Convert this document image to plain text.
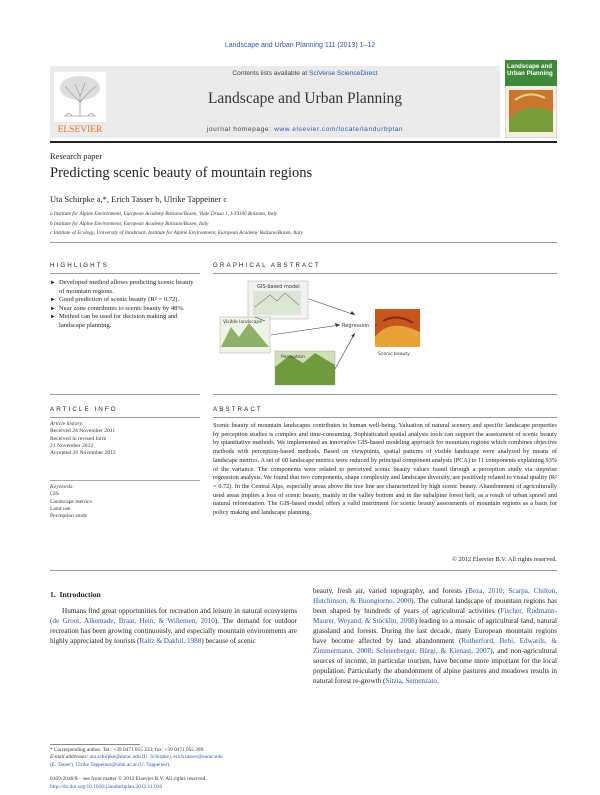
Landscape and Urban Planning 111 (2013) 1–12
ELSEVIER
Contents lists available at SciVerse ScienceDirect
Landscape and Urban Planning
journal homepage: www.elsevier.com/locate/landurbplan
Landscape and Urban Planning
Research paper
Predicting scenic beauty of mountain regions
Uta Schirpke a,*, Erich Tasser b, Ulrike Tappeiner c
a Institute for Alpine Environment, European Academy Bolzano/Bozen, Viale Druso 1, I-39100 Bolzano, Italy
b Institute for Alpine Environment, European Academy Bolzano/Bozen, Italy
c Institute of Ecology, University of Innsbruck, Institute for Alpine Environment, European Academy Bolzano/Bozen, Italy
HIGHLIGHTS
► Developed method allows predicting scenic beauty of mountain regions.
► Good prediction of scenic beauty (R² = 0.72).
► Near zone contributes to scenic beauty by 48%.
► Method can be used for decision making and landscape planning.
GRAPHICAL ABSTRACT
GIS-based model
Visible landscape
Regression
Scenic beauty
Perception
ARTICLE INFO
Article history:
Received 24 November 2011
Received in revised form
21 November 2012
Accepted 26 November 2012
Keywords:
GIS
Landscape metrics
Land use
Perception study
ABSTRACT

Scenic beauty of mountain landscapes contributes to human well-being. Valuation of natural scenery and specific landscape properties by perception studies is complex and time-consuming. Sophisticated spatial analysis tools can support the assessment of scenic beauty by quantitative methods. We implemented an innovative GIS-based modeling approach for mountain regions which combines objective methods with perception-based methods. Based on viewpoints, spatial patterns of visible landscape were analyzed by means of landscape metrics. A set of 60 landscape metrics were reduced by principal component analysis (PCA) to 11 components explaining 93% of the variance. The components were related to perceived scenic beauty values found through a perception study via stepwise regression analysis. We found that two components, shape complexity and landscape diversity, are positively related to visual quality (R² = 0.72). In the Central Alps, especially areas above the tree line are characterized by high scenic beauty. Abandonment of agriculturally used areas implies a loss of scenic beauty, mainly in the valley bottom and in the subalpine forest belt, as a result of urban sprawl and natural reforestation. The GIS-based model offers a valid instrument for scenic beauty assessments of mountain regions as a basis for policy making and landscape planning.

© 2012 Elsevier B.V. All rights reserved.
1. Introduction

Humans find great opportunities for recreation and leisure in natural ecosystems (de Groot, Alkemade, Braat, Hein, & Willemen, 2010). The demand for outdoor recreation has been growing continuously, and especially mountain environments are highly appreciated by tourists (Raitz & Dakhil, 1988) because of scenic

beauty, fresh air, varied topography, and forests (Beza, 2010; Scarpa, Chilton, Hutchinson, & Buongiorno, 2000). The cultural landscape of mountain regions has been shaped by hundreds of years of agricultural activities (Fischer, Rudmann-Maurer, Weyand, & Stöcklin, 2008) leading to a mosaic of agricultural land, natural grassland and forests. During the last decade, many European mountain regions have become affected by land abandonment (Rutherford, Bebi, Edwards, & Zimmermann, 2008; Schneeberger, Bürgi, & Kienast, 2007), and non-agricultural sources of income, in particular tourism, have become more important for the local population. Particularly the abandonment of alpine pastures and meadows results in natural forest re-growth (Sitzia, Semenzato,

* Corresponding author. Tel.: +39 0471 055 333; fax: +39 0471 055 399.
E-mail addresses: uta.schirpke@eurac.edu (U. Schirpke), erich.tasser@eurac.edu
(E. Tasser), Ulrike.Tappeiner@uibk.ac.at (U. Tappeiner).
0169-2046/$ – see front matter © 2012 Elsevier B.V. All rights reserved.
http://dx.doi.org/10.1016/j.landurbplan.2012.11.010
